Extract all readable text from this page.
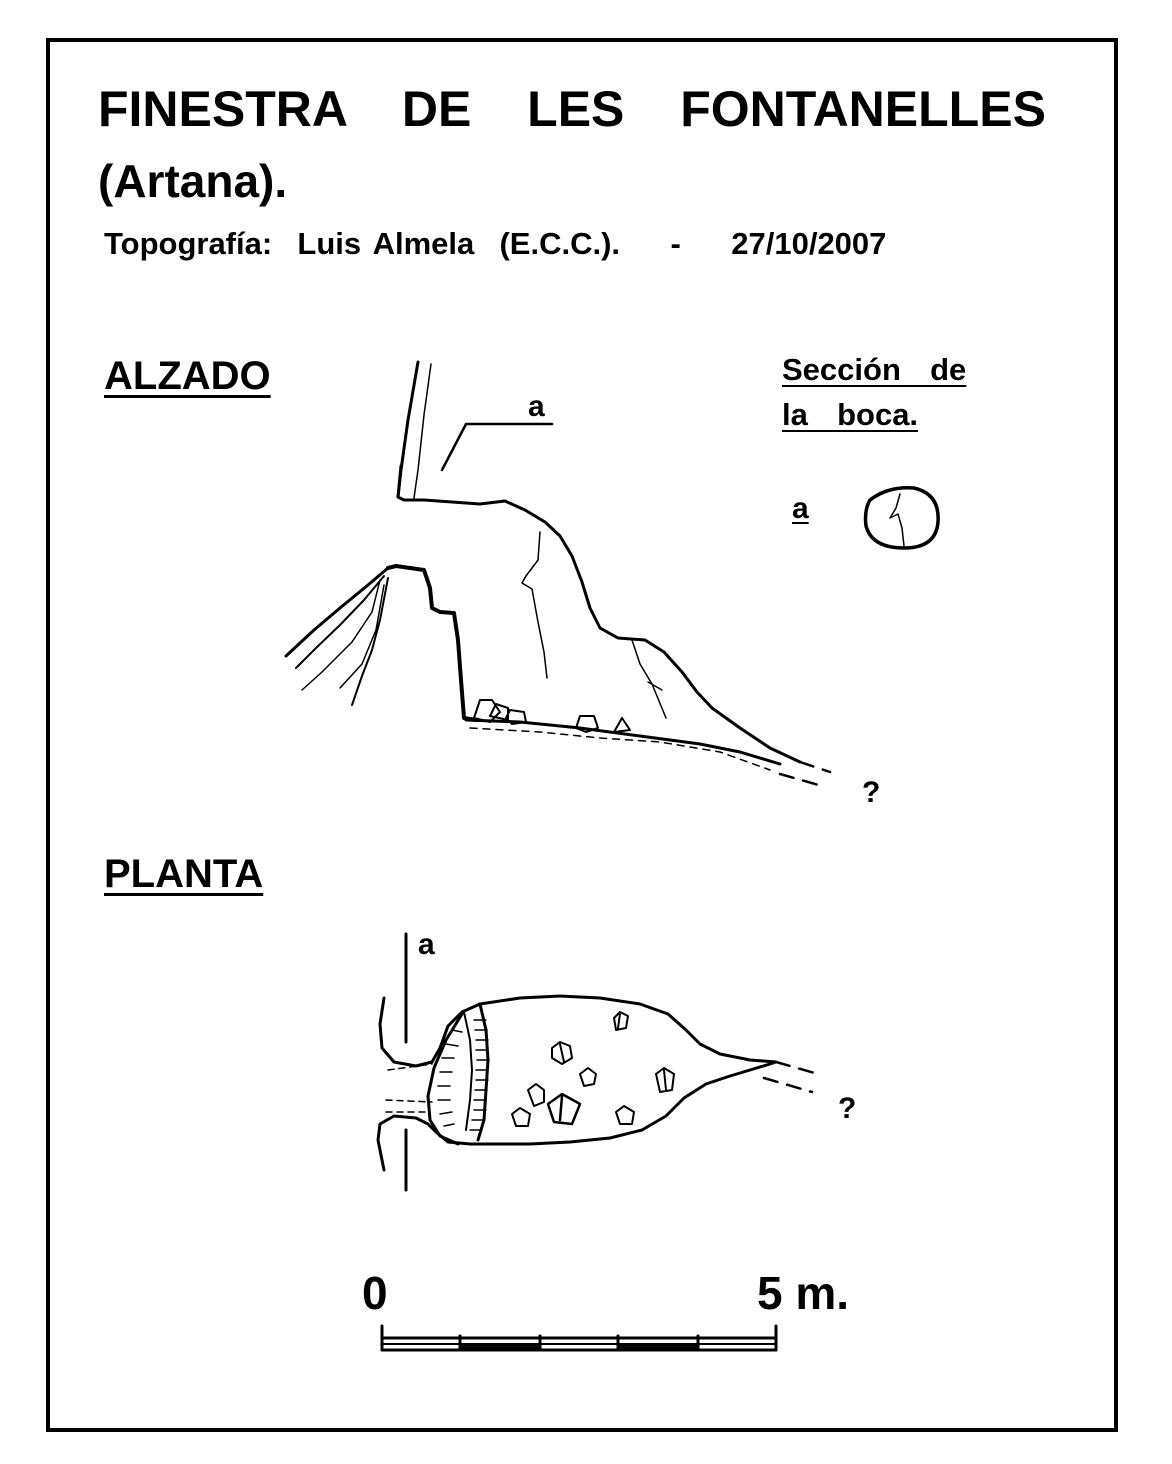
FINESTRA  DE  LES  FONTANELLES
(Artana).
Topografía:  Luis Almela  (E.C.C.).    -    27/10/2007
ALZADO	Sección  de
la  boca.
PLANTA
a
a
?
a
?
0	5 m.
